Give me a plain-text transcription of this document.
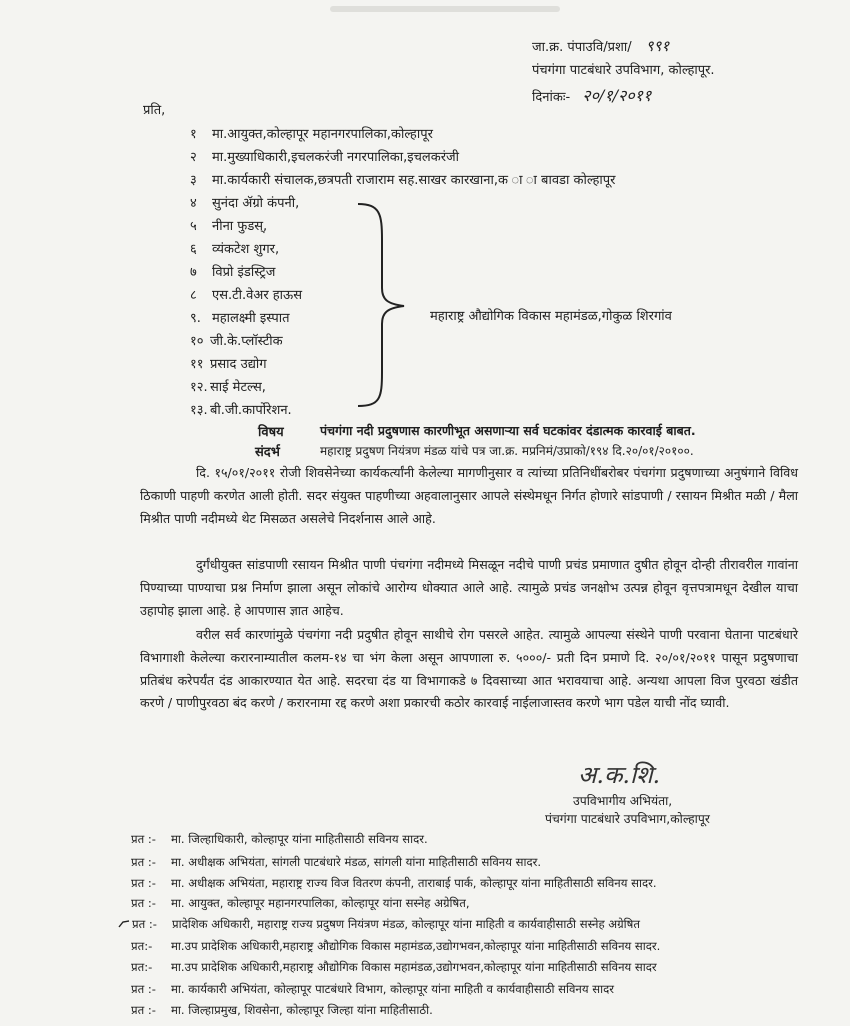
जा.क्र. पंपाउवि/प्रशा/ ९९१
पंचगंगा पाटबंधारे उपविभाग, कोल्हापूर.
दिनांकः- २०/१/२०११
प्रति,
१ मा.आयुक्त,कोल्हापूर महानगरपालिका,कोल्हापूर
२ मा.मुख्याधिकारी,इचलकरंजी नगरपालिका,इचलकरंजी
३ मा.कार्यकारी संचालक,छत्रपती राजाराम सह.साखर कारखाना,क ा ा बावडा कोल्हापूर
४ सुनंदा ॲग्रो कंपनी,
५ नीना फुडस्,
६ व्यंकटेश शुगर,
७ विप्रो इंडस्ट्रिज
८ एस.टी.वेअर हाऊस
९. महालक्ष्मी इस्पात
१० जी.के.प्लॉस्टीक
११ प्रसाद उद्योग
१२. साई मेटल्स,
१३. बी.जी.कार्पोरेशन.
महाराष्ट्र औद्योगिक विकास महामंडळ,गोकुळ शिरगांव
विषय	पंचगंगा नदी प्रदुषणास कारणीभूत असणाऱ्या सर्व घटकांवर दंडात्मक कारवाई बाबत.
संदर्भ	महाराष्ट्र प्रदुषण नियंत्रण मंडळ यांचे पत्र जा.क्र. मप्रनिमं/उप्राको/१९४ दि.२०/०१/२०१००.
दि. १५/०१/२०११ रोजी शिवसेनेच्या कार्यकर्त्यांनी केलेल्या मागणीनुसार व त्यांच्या प्रतिनिधींबरोबर पंचगंगा प्रदुषणाच्या अनुषंगाने विविध ठिकाणी पाहणी करणेत आली होती. सदर संयुक्त पाहणीच्या अहवालानुसार आपले संस्थेमधून निर्गत होणारे सांडपाणी / रसायन मिश्रीत मळी / मैला मिश्रीत पाणी नदीमध्ये थेट मिसळत असलेचे निदर्शनास आले आहे.
दुर्गंधीयुक्त सांडपाणी रसायन मिश्रीत पाणी पंचगंगा नदीमध्ये मिसळून नदीचे पाणी प्रचंड प्रमाणात दुषीत होवून दोन्ही तीरावरील गावांना पिण्याच्या पाण्याचा प्रश्न निर्माण झाला असून लोकांचे आरोग्य धोक्यात आले आहे. त्यामुळे प्रचंड जनक्षोभ उत्पन्न होवून वृत्तपत्रामधून देखील याचा उहापोह झाला आहे. हे आपणास ज्ञात आहेच.
वरील सर्व कारणांमुळे पंचगंगा नदी प्रदुषीत होवून साथीचे रोग पसरले आहेत. त्यामुळे आपल्या संस्थेने पाणी परवाना घेताना पाटबंधारे विभागाशी केलेल्या करारनाम्यातील कलम-१४ चा भंग केला असून आपणाला रु. ५०००/- प्रती दिन प्रमाणे दि. २०/०१/२०११ पासून प्रदुषणाचा प्रतिबंध करेपर्यंत दंड आकारण्यात येत आहे. सदरचा दंड या विभागाकडे ७ दिवसाच्या आत भरावयाचा आहे. अन्यथा आपला विज पुरवठा खंडीत करणे / पाणीपुरवठा बंद करणे / करारनामा रद्द करणे अशा प्रकारची कठोर कारवाई नाईलाजास्तव करणे भाग पडेल याची नोंद घ्यावी.
अ.क.शि.
उपविभागीय अभियंता,
पंचगंगा पाटबंधारे उपविभाग,कोल्हापूर
प्रत :- मा. जिल्हाधिकारी, कोल्हापूर यांना माहितीसाठी सविनय सादर.
प्रत :- मा. अधीक्षक अभियंता, सांगली पाटबंधारे मंडळ, सांगली यांना माहितीसाठी सविनय सादर.
प्रत :- मा. अधीक्षक अभियंता, महाराष्ट्र राज्य विज वितरण कंपनी, ताराबाई पार्क, कोल्हापूर यांना माहितीसाठी सविनय सादर.
प्रत :- मा. आयुक्त, कोल्हापूर महानगरपालिका, कोल्हापूर यांना सस्नेह अग्रेषित,
प्रत :- प्रादेशिक अधिकारी, महाराष्ट्र राज्य प्रदुषण नियंत्रण मंडळ, कोल्हापूर यांना माहिती व कार्यवाहीसाठी सस्नेह अग्रेषित
प्रत:- मा.उप प्रादेशिक अधिकारी,महाराष्ट्र औद्योगिक विकास महामंडळ,उद्योगभवन,कोल्हापूर यांना माहितीसाठी सविनय सादर.
प्रत:- मा.उप प्रादेशिक अधिकारी,महाराष्ट्र औद्योगिक विकास महामंडळ,उद्योगभवन,कोल्हापूर यांना माहितीसाठी सविनय सादर
प्रत :- मा. कार्यकारी अभियंता, कोल्हापूर पाटबंधारे विभाग, कोल्हापूर यांना माहिती व कार्यवाहीसाठी सविनय सादर
प्रत :- मा. जिल्हाप्रमुख, शिवसेना, कोल्हापूर जिल्हा यांना माहितीसाठी.
